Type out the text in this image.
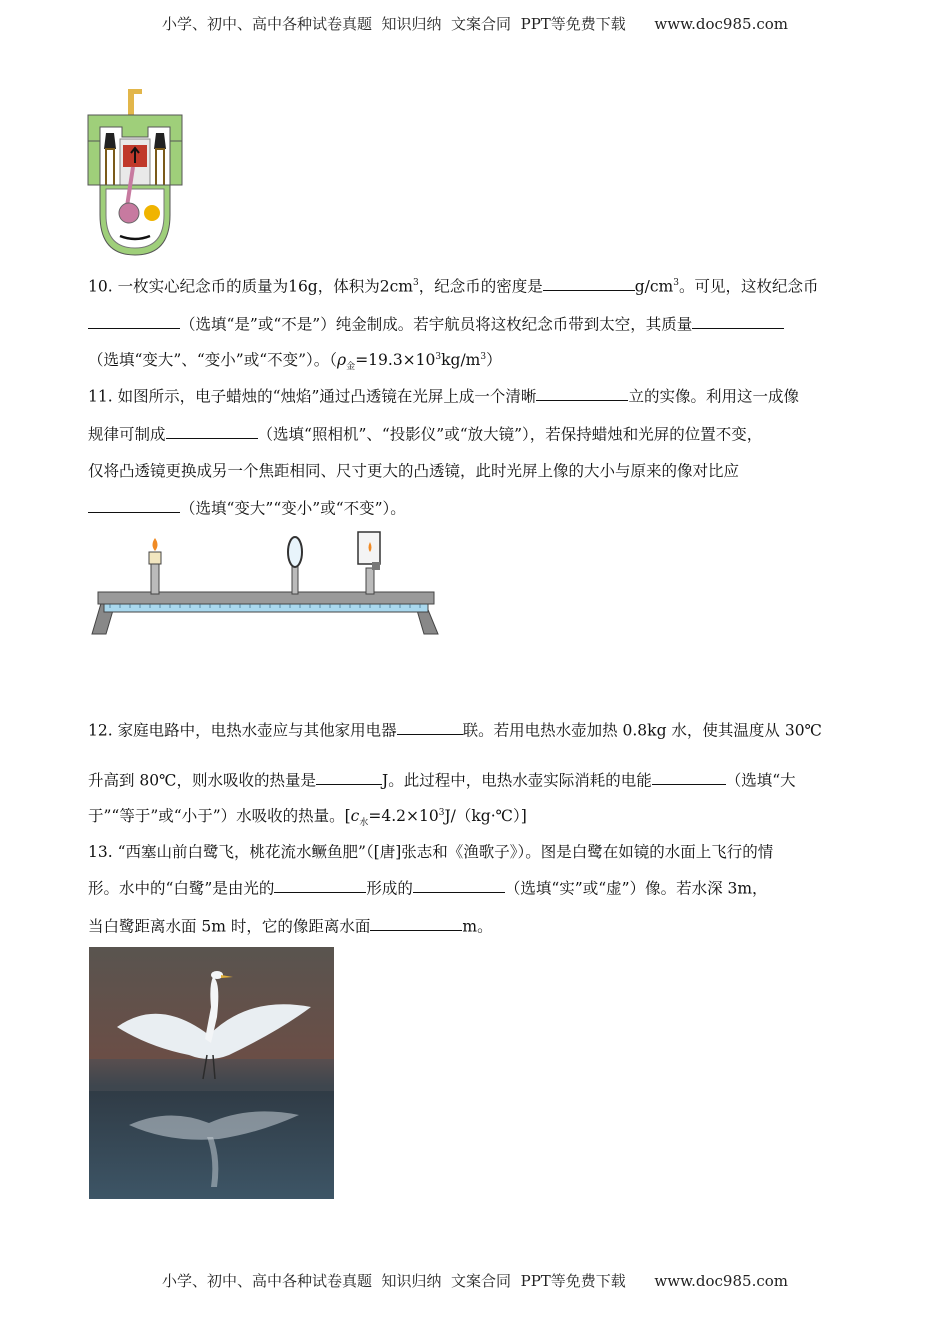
小学、初中、高中各种试卷真题  知识归纳  文案合同  PPT等免费下载      www.doc985.com
10. 一枚实心纪念币的质量为16g，体积为$2cm^3$，纪念币的密度是	$g/cm^3$。可见，这枚纪念币
（选填“是”或“不是”）纯金制成。若宇航员将这枚纪念币带到太空，其质量
（选填“变大”、“变小”或“不变”）。$(\rho_金=19.3\times 10^3kg/m^3)$
11. 如图所示，电子蜡烛的“烛焰”通过凸透镜在光屏上成一个清晰	立的实像。利用这一成像
规律可制成	（选填“照相机”、“投影仪”或“放大镜”），若保持蜡烛和光屏的位置不变，
仅将凸透镜更换成另一个焦距相同、尺寸更大的凸透镜，此时光屏上像的大小与原来的像对比应
（选填“变大”“变小”或“不变”）。
12. 家庭电路中，电热水壶应与其他家用电器	联。若用电热水壶加热 0.8kg 水，使其温度从 30℃
升高到 80℃，则水吸收的热量是	J。此过程中，电热水壶实际消耗的电能	（选填“大
于”“等于”或“小于”）水吸收的热量。$[c_水=4.2\times 10^3J/(kg\cdot℃)]$
13. “西塞山前白鹭飞，桃花流水鳜鱼肥”（[唐]张志和《渔歌子》）。图是白鹭在如镜的水面上飞行的情
形。水中的“白鹭”是由光的	形成的	（选填“实”或“虚”）像。若水深 3m，
当白鹭距离水面 5m 时，它的像距离水面	m。
小学、初中、高中各种试卷真题  知识归纳  文案合同  PPT等免费下载      www.doc985.com
